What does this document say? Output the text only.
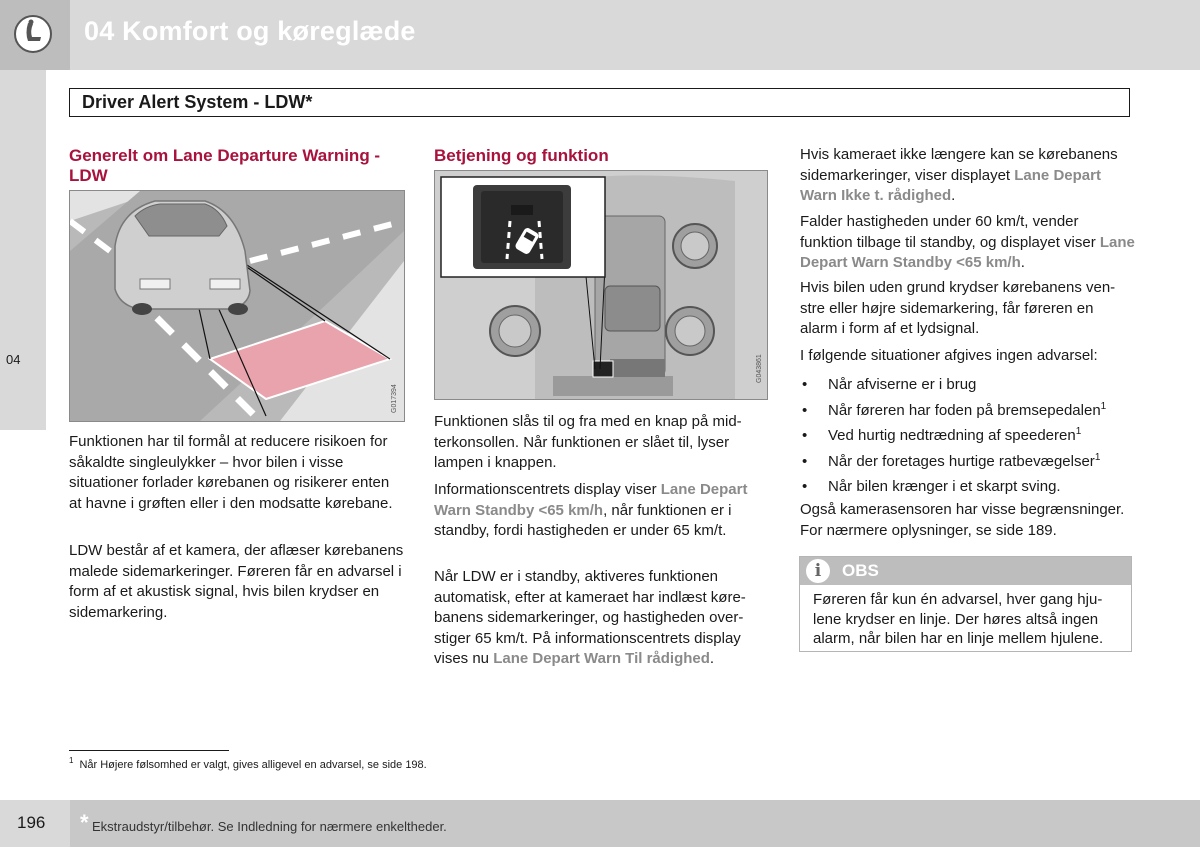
04 Komfort og køreglæde
04
Driver Alert System - LDW*
Generelt om Lane Departure Warning - LDW
G017394
Funktionen har til formål at reducere risikoen for såkaldte singleulykker – hvor bilen i visse situationer forlader kørebanen og risikerer enten at havne i grøften eller i den modsatte kørebane.
LDW består af et kamera, der aflæser kørebanens malede sidemarkeringer. Føreren får en advarsel i form af et akustisk signal, hvis bilen krydser en sidemarkering.
Betjening og funktion
G043861
Funktionen slås til og fra med en knap på midterkonsollen. Når funktionen er slået til, lyser lampen i knappen.
Informationscentrets display viser Lane Depart Warn Standby <65 km/h, når funktionen er i standby, fordi hastigheden er under 65 km/t.
Når LDW er i standby, aktiveres funktionen automatisk, efter at kameraet har indlæst kørebanens sidemarkeringer, og hastigheden overstiger 65 km/t. På informationscentrets display vises nu Lane Depart Warn Til rådighed.
Hvis kameraet ikke længere kan se kørebanens sidemarkeringer, viser displayet Lane Depart Warn Ikke t. rådighed.
Falder hastigheden under 60 km/t, vender funktion tilbage til standby, og displayet viser Lane Depart Warn Standby <65 km/h.
Hvis bilen uden grund krydser kørebanens venstre eller højre sidemarkering, får føreren en alarm i form af et lydsignal.
I følgende situationer afgives ingen advarsel:
• Når afviserne er i brug
• Når føreren har foden på bremsepedalen$^1$
• Ved hurtig nedtrædning af speederen$^1$
• Når der foretages hurtige ratbevægelser$^1$
• Når bilen krænger i et skarpt sving.
Også kamerasensoren har visse begrænsninger. For nærmere oplysninger, se side 189.
i	OBS
Føreren får kun én advarsel, hver gang hjulene krydser en linje. Der høres altså ingen alarm, når bilen har en linje mellem hjulene.
$^1$ Når Højere følsomhed er valgt, gives alligevel en advarsel, se side 198.
196 * Ekstraudstyr/tilbehør. Se Indledning for nærmere enkeltheder.
